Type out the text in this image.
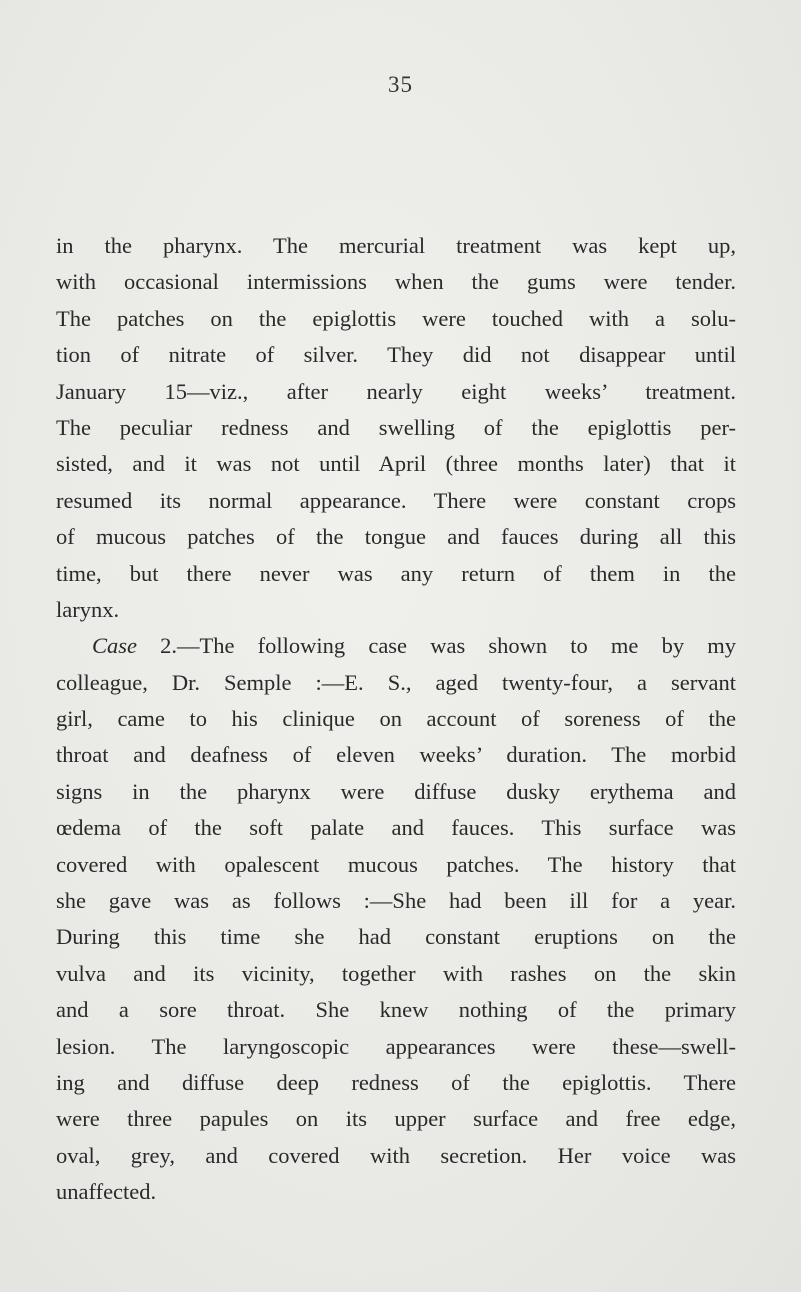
35
in the pharynx. The mercurial treatment was kept up,
with occasional intermissions when the gums were tender.
The patches on the epiglottis were touched with a solu-
tion of nitrate of silver. They did not disappear until
January 15—viz., after nearly eight weeks’ treatment.
The peculiar redness and swelling of the epiglottis per-
sisted, and it was not until April (three months later) that it
resumed its normal appearance. There were constant crops
of mucous patches of the tongue and fauces during all this
time, but there never was any return of them in the
larynx.
Case 2.—The following case was shown to me by my
colleague, Dr. Semple :—E. S., aged twenty-four, a servant
girl, came to his clinique on account of soreness of the
throat and deafness of eleven weeks’ duration. The morbid
signs in the pharynx were diffuse dusky erythema and
œdema of the soft palate and fauces. This surface was
covered with opalescent mucous patches. The history that
she gave was as follows :—She had been ill for a year.
During this time she had constant eruptions on the
vulva and its vicinity, together with rashes on the skin
and a sore throat. She knew nothing of the primary
lesion. The laryngoscopic appearances were these—swell-
ing and diffuse deep redness of the epiglottis. There
were three papules on its upper surface and free edge,
oval, grey, and covered with secretion. Her voice was
unaffected.
